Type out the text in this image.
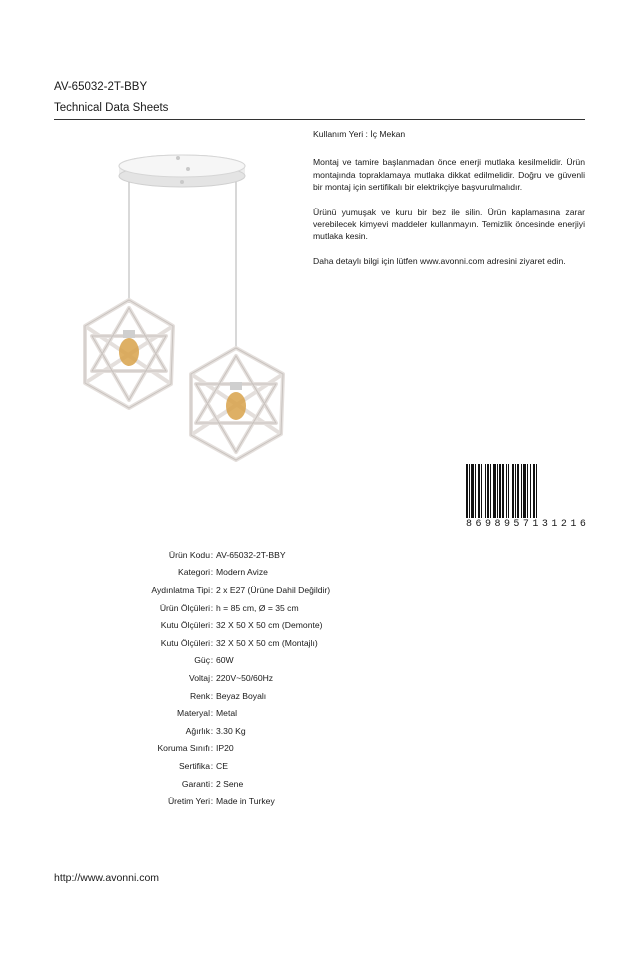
AV-65032-2T-BBY
Technical Data Sheets
Kullanım Yeri : İç Mekan

Montaj ve tamire başlanmadan önce enerji mutlaka kesilmelidir. Ürün montajında topraklamaya mutlaka dikkat edilmelidir. Doğru ve güvenli bir montaj için sertifikalı bir elektrikçiye başvurulmalıdır.

Ürünü yumuşak ve kuru bir bez ile silin. Ürün kaplamasına zarar verebilecek kimyevi maddeler kullanmayın. Temizlik öncesinde enerjiyi mutlaka kesin.

Daha detaylı bilgi için lütfen www.avonni.com adresini ziyaret edin.

8 6 9 8 9 5 7 1 3 1 2 1 6
Ürün Kodu : AV-65032-2T-BBY
Kategori : Modern Avize
Aydınlatma Tipi : 2 x E27 (Ürüne Dahil Değildir)
Ürün Ölçüleri : h = 85 cm, Ø = 35 cm
Kutu Ölçüleri : 32 X 50 X 50 cm (Demonte)
Kutu Ölçüleri : 32 X 50 X 50 cm (Montajlı)
Güç : 60W
Voltaj : 220V~50/60Hz
Renk : Beyaz Boyalı
Materyal : Metal
Ağırlık : 3.30 Kg
Koruma Sınıfı : IP20
Sertifika : CE
Garanti : 2 Sene
Üretim Yeri : Made in Turkey
http://www.avonni.com
